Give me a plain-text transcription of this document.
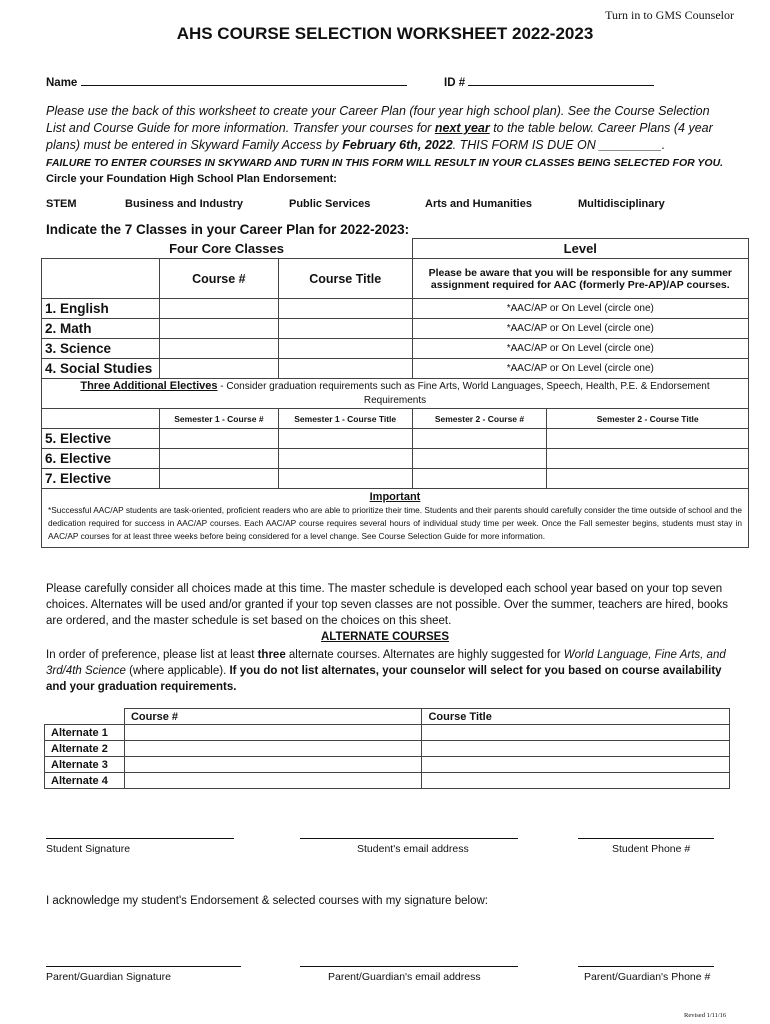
Turn in to GMS Counselor
AHS COURSE SELECTION WORKSHEET 2022-2023
Name	ID #
Please use the back of this worksheet to create your Career Plan (four year high school plan). See the Course Selection List and Course Guide for more information. Transfer your courses for next year to the table below. Career Plans (4 year plans) must be entered in Skyward Family Access by February 6th, 2022. THIS FORM IS DUE ON _________.
FAILURE TO ENTER COURSES IN SKYWARD AND TURN IN THIS FORM WILL RESULT IN YOUR CLASSES BEING SELECTED FOR YOU.
Circle your Foundation High School Plan Endorsement:
STEM	Business and Industry	Public Services	Arts and Humanities	Multidisciplinary
Indicate the 7 Classes in your Career Plan for 2022-2023:
Four Core Classes			Level	
	Course #	Course Title	Please be aware that you will be responsible for any summer assignment required for AAC (formerly Pre-AP)/AP courses.	
1. English			*AAC/AP or On Level (circle one)	
2. Math			*AAC/AP or On Level (circle one)	
3. Science			*AAC/AP or On Level (circle one)	
4. Social Studies			*AAC/AP or On Level (circle one)	
Three Additional Electives - Consider graduation requirements such as Fine Arts, World Languages, Speech, Health, P.E. & Endorsement Requirements				
	Semester 1 - Course #	Semester 1 - Course Title	Semester 2 - Course #	Semester 2 - Course Title
5. Elective				
6. Elective				
7. Elective				

Important
*Successful AAC/AP students are task-oriented, proficient readers who are able to prioritize their time. Students and their parents should carefully consider the time outside of school and the dedication required for success in AAC/AP courses. Each AAC/AP course requires several hours of individual study time per week. Once the Fall semester begins, students must stay in AAC/AP courses for at least three weeks before being considered for a level change. See Course Selection Guide for more information.				
Please carefully consider all choices made at this time. The master schedule is developed each school year based on your top seven choices. Alternates will be used and/or granted if your top seven classes are not possible. Over the summer, teachers are hired, books are ordered, and the master schedule is set based on the choices on this sheet.
ALTERNATE COURSES
In order of preference, please list at least three alternate courses. Alternates are highly suggested for World Language, Fine Arts, and 3rd/4th Science (where applicable). If you do not list alternates, your counselor will select for you based on course availability and your graduation requirements.
	Course #	Course Title
Alternate 1		
Alternate 2		
Alternate 3		
Alternate 4		
Student Signature	Student's email address	Student Phone #
I acknowledge my student's Endorsement & selected courses with my signature below:
Parent/Guardian Signature	Parent/Guardian's email address	Parent/Guardian's Phone #
Revised 1/11/16
